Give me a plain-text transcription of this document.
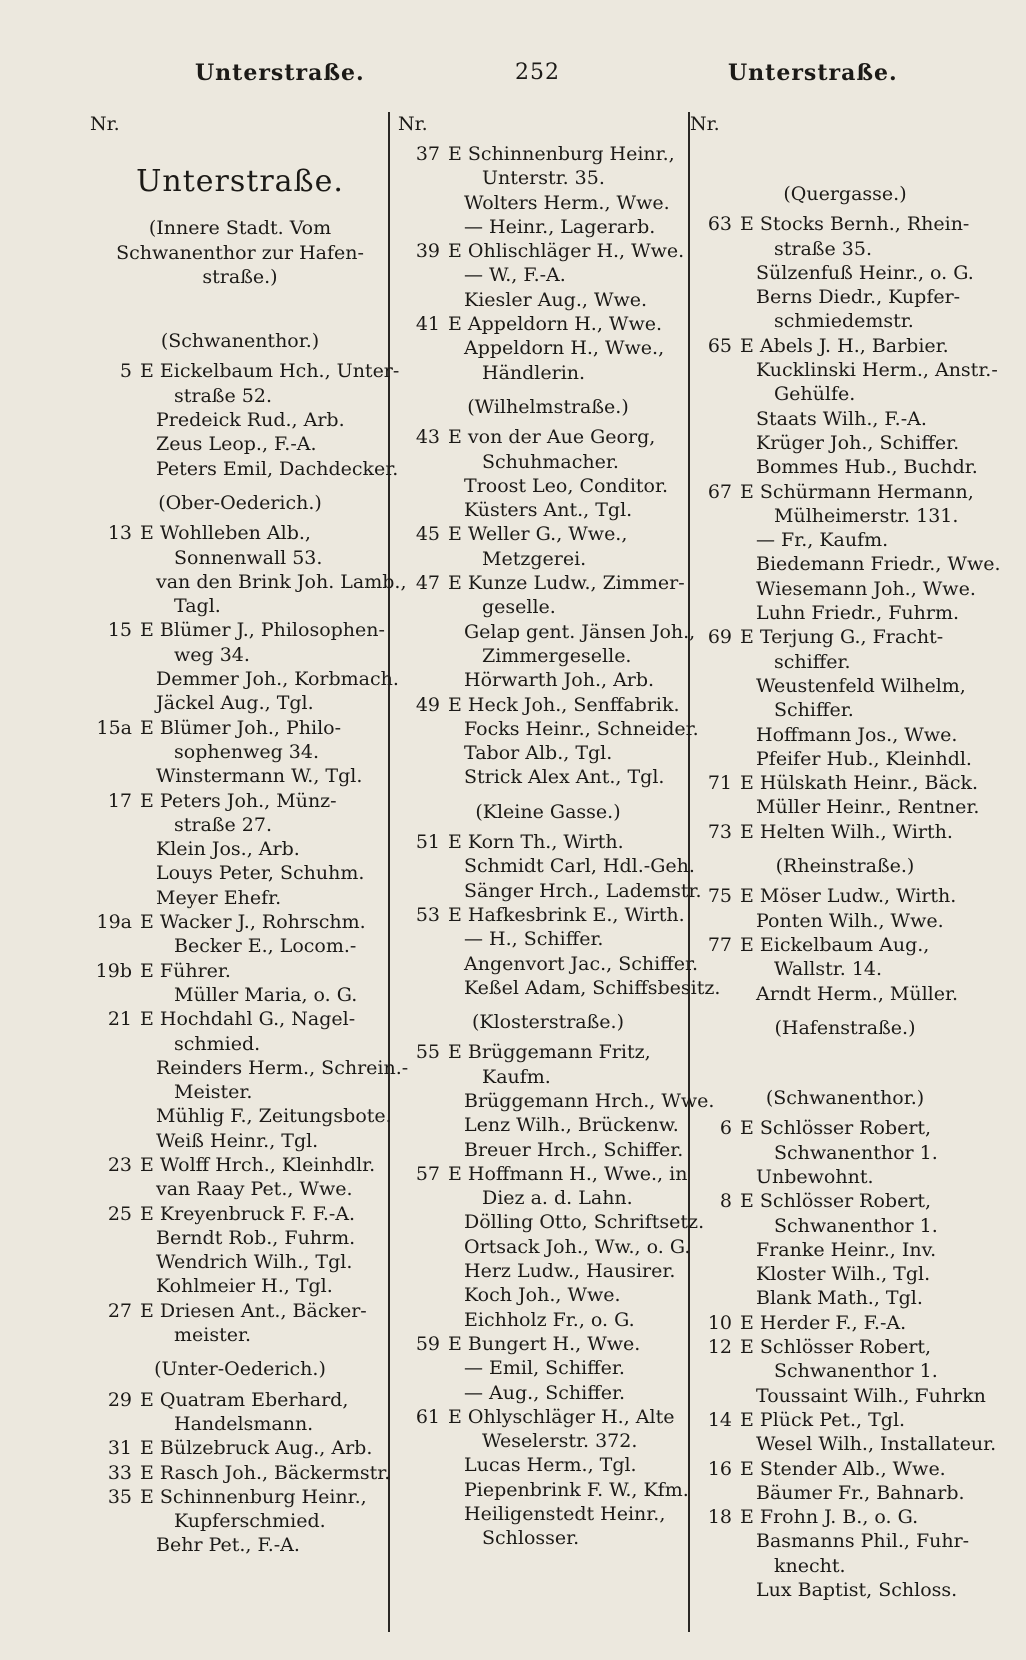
Unterstraße.	252	Unterstraße.
Nr.
Unterstraße.
(Innere Stadt. Vom
Schwanenthor zur Hafen-
straße.)
(Schwanenthor.)
5 E Eickelbaum Hch., Unter-
straße 52.
Predeick Rud., Arb.
Zeus Leop., F.-A.
Peters Emil, Dachdecker.
(Ober-Oederich.)
13 E Wohlleben Alb.,
Sonnenwall 53.
van den Brink Joh. Lamb.,
Tagl.
15 E Blümer J., Philosophen-
weg 34.
Demmer Joh., Korbmach.
Jäckel Aug., Tgl.
15a E Blümer Joh., Philo-
sophenweg 34.
Winstermann W., Tgl.
17 E Peters Joh., Münz-
straße 27.
Klein Jos., Arb.
Louys Peter, Schuhm.
Meyer Ehefr.
19a E Wacker J., Rohrschm.
Becker E., Locom.-
19b E Führer.
Müller Maria, o. G.
21 E Hochdahl G., Nagel-
schmied.
Reinders Herm., Schrein.-
Meister.
Mühlig F., Zeitungsbote.
Weiß Heinr., Tgl.
23 E Wolff Hrch., Kleinhdlr.
van Raay Pet., Wwe.
25 E Kreyenbruck F. F.-A.
Berndt Rob., Fuhrm.
Wendrich Wilh., Tgl.
Kohlmeier H., Tgl.
27 E Driesen Ant., Bäcker-
meister.
(Unter-Oederich.)
29 E Quatram Eberhard,
Handelsmann.
31 E Bülzebruck Aug., Arb.
33 E Rasch Joh., Bäckermstr.
35 E Schinnenburg Heinr.,
Kupferschmied.
Behr Pet., F.-A.
Nr.
37 E Schinnenburg Heinr.,
Unterstr. 35.
Wolters Herm., Wwe.
— Heinr., Lagerarb.
39 E Ohlischläger H., Wwe.
— W., F.-A.
Kiesler Aug., Wwe.
41 E Appeldorn H., Wwe.
Appeldorn H., Wwe.,
Händlerin.
(Wilhelmstraße.)
43 E von der Aue Georg,
Schuhmacher.
Troost Leo, Conditor.
Küsters Ant., Tgl.
45 E Weller G., Wwe.,
Metzgerei.
47 E Kunze Ludw., Zimmer-
geselle.
Gelap gent. Jänsen Joh.,
Zimmergeselle.
Hörwarth Joh., Arb.
49 E Heck Joh., Senffabrik.
Focks Heinr., Schneider.
Tabor Alb., Tgl.
Strick Alex Ant., Tgl.
(Kleine Gasse.)
51 E Korn Th., Wirth.
Schmidt Carl, Hdl.-Geh.
Sänger Hrch., Lademstr.
53 E Hafkesbrink E., Wirth.
— H., Schiffer.
Angenvort Jac., Schiffer.
Keßel Adam, Schiffsbesitz.
(Klosterstraße.)
55 E Brüggemann Fritz,
Kaufm.
Brüggemann Hrch., Wwe.
Lenz Wilh., Brückenw.
Breuer Hrch., Schiffer.
57 E Hoffmann H., Wwe., in
Diez a. d. Lahn.
Dölling Otto, Schriftsetz.
Ortsack Joh., Ww., o. G.
Herz Ludw., Hausirer.
Koch Joh., Wwe.
Eichholz Fr., o. G.
59 E Bungert H., Wwe.
— Emil, Schiffer.
— Aug., Schiffer.
61 E Ohlyschläger H., Alte
Weselerstr. 372.
Lucas Herm., Tgl.
Piepenbrink F. W., Kfm.
Heiligenstedt Heinr.,
Schlosser.
Nr.
(Quergasse.)
63 E Stocks Bernh., Rhein-
straße 35.
Sülzenfuß Heinr., o. G.
Berns Diedr., Kupfer-
schmiedemstr.
65 E Abels J. H., Barbier.
Kucklinski Herm., Anstr.-
Gehülfe.
Staats Wilh., F.-A.
Krüger Joh., Schiffer.
Bommes Hub., Buchdr.
67 E Schürmann Hermann,
Mülheimerstr. 131.
— Fr., Kaufm.
Biedemann Friedr., Wwe.
Wiesemann Joh., Wwe.
Luhn Friedr., Fuhrm.
69 E Terjung G., Fracht-
schiffer.
Weustenfeld Wilhelm,
Schiffer.
Hoffmann Jos., Wwe.
Pfeifer Hub., Kleinhdl.
71 E Hülskath Heinr., Bäck.
Müller Heinr., Rentner.
73 E Helten Wilh., Wirth.
(Rheinstraße.)
75 E Möser Ludw., Wirth.
Ponten Wilh., Wwe.
77 E Eickelbaum Aug.,
Wallstr. 14.
Arndt Herm., Müller.
(Hafenstraße.)
(Schwanenthor.)
6 E Schlösser Robert,
Schwanenthor 1.
Unbewohnt.
8 E Schlösser Robert,
Schwanenthor 1.
Franke Heinr., Inv.
Kloster Wilh., Tgl.
Blank Math., Tgl.
10 E Herder F., F.-A.
12 E Schlösser Robert,
Schwanenthor 1.
Toussaint Wilh., Fuhrkn
14 E Plück Pet., Tgl.
Wesel Wilh., Installateur.
16 E Stender Alb., Wwe.
Bäumer Fr., Bahnarb.
18 E Frohn J. B., o. G.
Basmanns Phil., Fuhr-
knecht.
Lux Baptist, Schloss.
